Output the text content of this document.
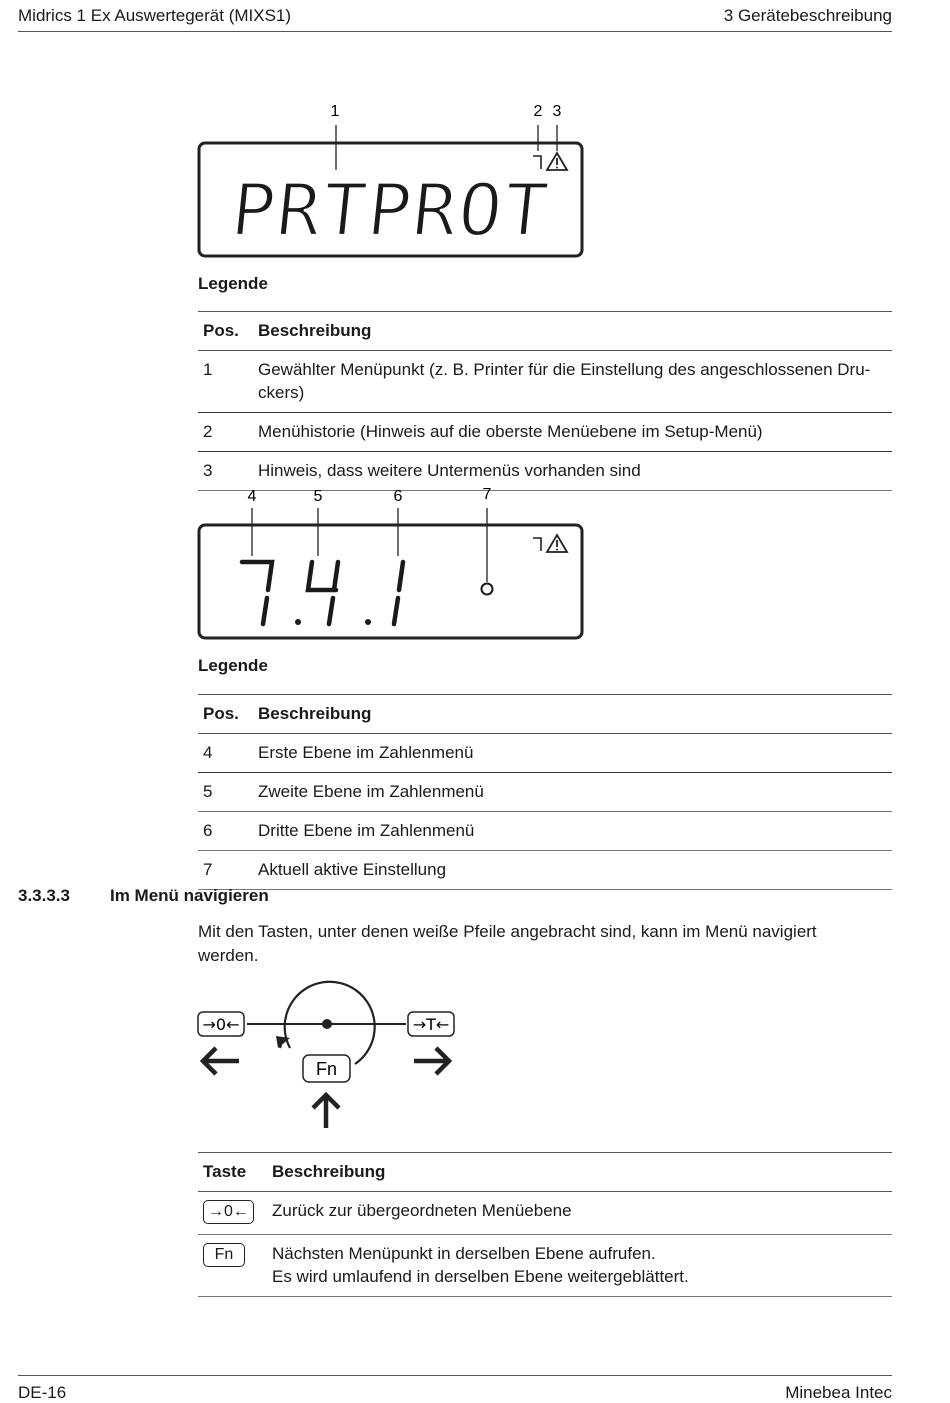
Midrics 1 Ex Auswertegerät (MIXS1)	3 Gerätebeschreibung
1	2 3
PRTPROT
Legende
Pos.	Beschreibung
1	Gewählter Menüpunkt (z. B. Printer für die Einstellung des angeschlossenen Dru-
ckers)

2	Menühistorie (Hinweis auf die oberste Menüebene im Setup-Menü)
3	Hinweis, dass weitere Untermenüs vorhanden sind
4	5	6	7
Legende
Pos.	Beschreibung
4	Erste Ebene im Zahlenmenü
5	Zweite Ebene im Zahlenmenü
6	Dritte Ebene im Zahlenmenü
7	Aktuell aktive Einstellung
3.3.3.3 Im Menü navigieren
Mit den Tasten, unter denen weiße Pfeile angebracht sind, kann im Menü navigiert werden.
→0←	→T←
Fn
Taste	Beschreibung
→0←	Zurück zur übergeordneten Menüebene

Fn	Nächsten Menüpunkt in derselben Ebene aufrufen.
Es wird umlaufend in derselben Ebene weitergeblättert.
DE-16	Minebea Intec
